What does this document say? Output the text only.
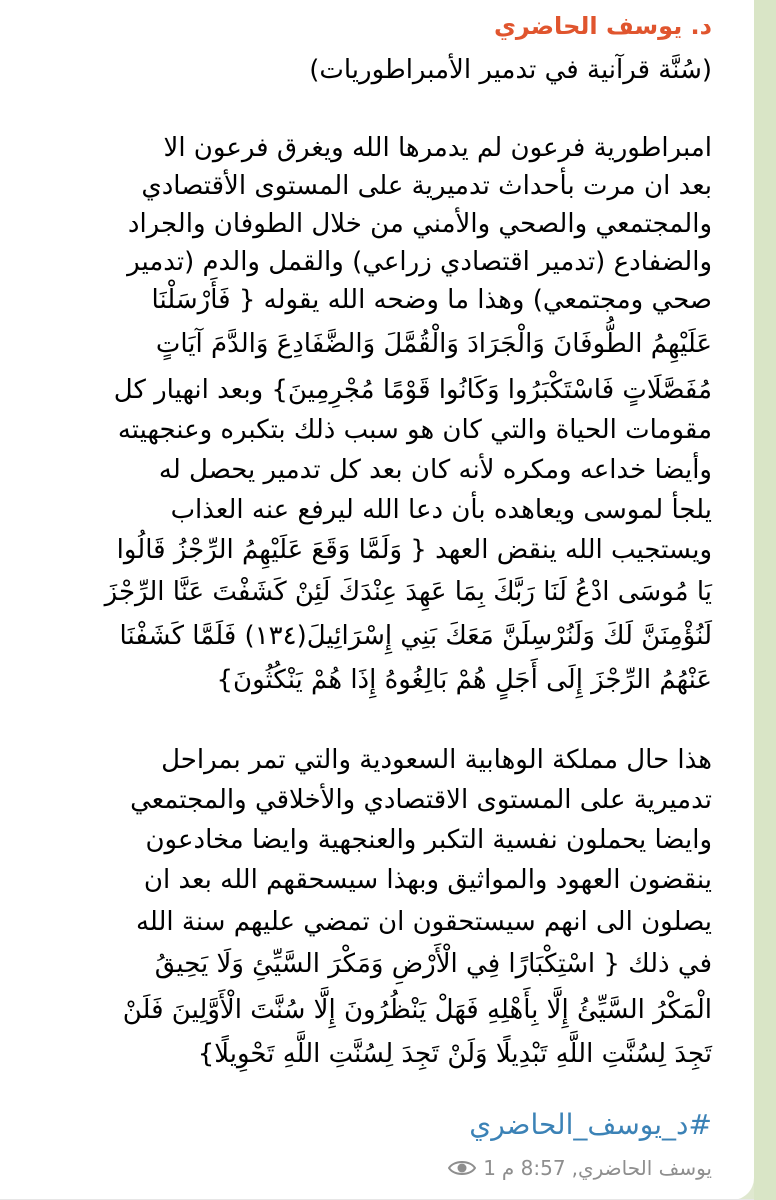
د. يوسف الحاضري
(سُنَّة قرآنية في تدمير الأمبراطوريات)
امبراطورية فرعون لم يدمرها الله ويغرق فرعون الا
بعد ان مرت بأحداث تدميرية على المستوى الأقتصادي
والمجتمعي والصحي والأمني من خلال الطوفان والجراد
والضفادع (تدمير اقتصادي زراعي) والقمل والدم (تدمير
صحي ومجتمعي) وهذا ما وضحه الله يقوله { فَأَرْسَلْنَا
عَلَيْهِمُ الطُّوفَانَ وَالْجَرَادَ وَالْقُمَّلَ وَالضَّفَادِعَ وَالدَّمَ آيَاتٍ
مُفَصَّلَاتٍ فَاسْتَكْبَرُوا وَكَانُوا قَوْمًا مُجْرِمِينَ} وبعد انهيار كل
مقومات الحياة والتي كان هو سبب ذلك بتكبره وعنجهيته
وأيضا خداعه ومكره لأنه كان بعد كل تدمير يحصل له
يلجأ لموسى ويعاهده بأن دعا الله ليرفع عنه العذاب
ويستجيب الله ينقض العهد { وَلَمَّا وَقَعَ عَلَيْهِمُ الرِّجْزُ قَالُوا
يَا مُوسَى ادْعُ لَنَا رَبَّكَ بِمَا عَهِدَ عِنْدَكَ لَئِنْ كَشَفْتَ عَنَّا الرِّجْزَ
لَنُؤْمِنَنَّ لَكَ وَلَنُرْسِلَنَّ مَعَكَ بَنِي إِسْرَائِيلَ(١٣٤) فَلَمَّا كَشَفْنَا
عَنْهُمُ الرِّجْزَ إِلَى أَجَلٍ هُمْ بَالِغُوهُ إِذَا هُمْ يَنْكُثُونَ}
هذا حال مملكة الوهابية السعودية والتي تمر بمراحل
تدميرية على المستوى الاقتصادي والأخلاقي والمجتمعي
وايضا يحملون نفسية التكبر والعنجهية وايضا مخادعون
ينقضون العهود والمواثيق وبهذا سيسحقهم الله بعد ان
يصلون الى انهم سيستحقون ان تمضي عليهم سنة الله
في ذلك { اسْتِكْبَارًا فِي الْأَرْضِ وَمَكْرَ السَّيِّئِ وَلَا يَحِيقُ
الْمَكْرُ السَّيِّئُ إِلَّا بِأَهْلِهِ فَهَلْ يَنْظُرُونَ إِلَّا سُنَّتَ الْأَوَّلِينَ فَلَنْ
تَجِدَ لِسُنَّتِ اللَّهِ تَبْدِيلًا وَلَنْ تَجِدَ لِسُنَّتِ اللَّهِ تَحْوِيلًا}
#د_يوسف_الحاضري
يوسف الحاضري,
8:57 م
1
